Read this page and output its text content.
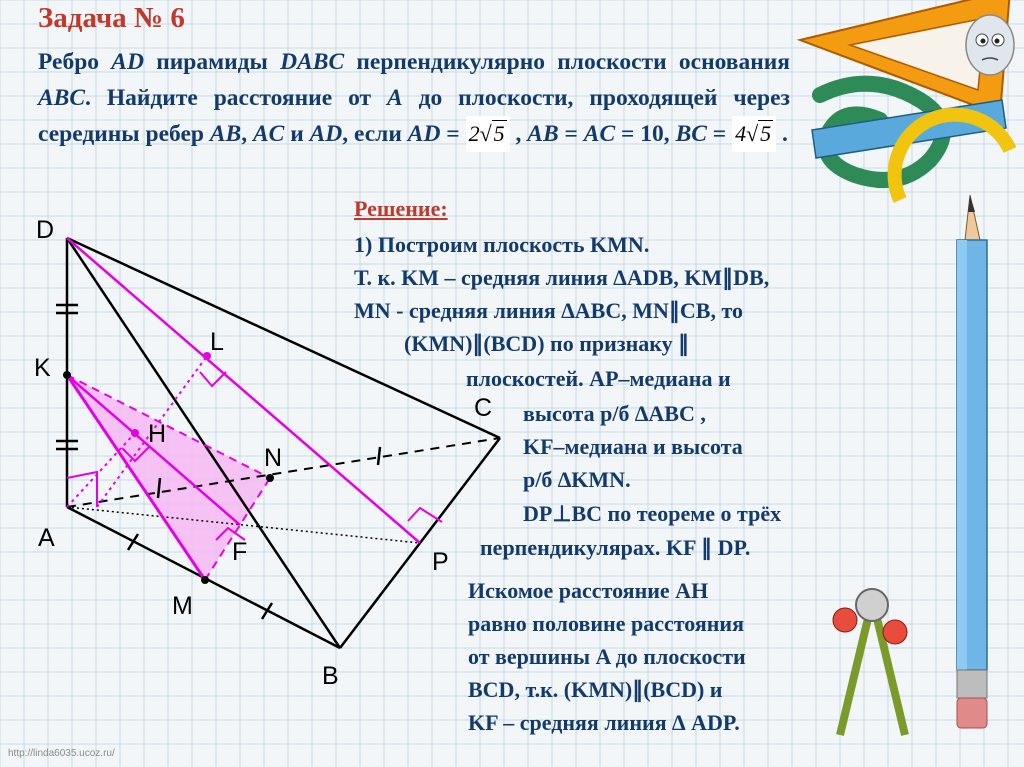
Задача № 6
Ребро AD пирамиды DABC перпендикулярно плоскости основания ABC. Найдите расстояние от A до плоскости, проходящей через середины ребер AB, AC и AD, если AD = 2√5 , AB = AC = 10, BC = 4√5 .
D
K
A
M
B
L
H
N
F
C
P
Решение:
1) Построим плоскость KMN.
Т. к. KM – средняя линия ∆ADB, KM∥DB,
MN - средняя линия ∆ABC, MN∥CB, то
(KMN)∥(BCD) по признаку ∥
плоскостей. AP–медиана и
высота р/б ∆ABC ,
KF–медиана и высота
р/б ∆KMN.
DP⊥BC по теореме о трёх
перпендикулярах. KF ∥ DP.
Искомое расстояние AH
равно половине расстояния
от вершины A до плоскости
BCD, т.к. (KMN)∥(BCD) и
KF – средняя линия ∆ ADP.
http://linda6035.ucoz.ru/
